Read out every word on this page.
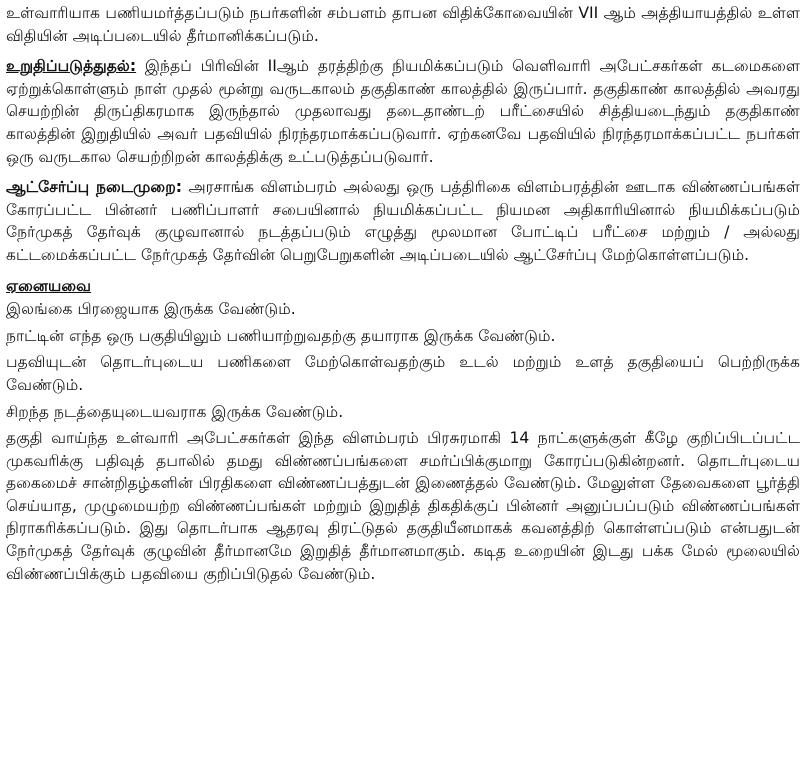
உள்வாரியாக பணியமர்த்தப்படும் நபர்களின் சம்பளம் தாபன விதிக்கோவையின் VII ஆம் அத்தியாயத்தில் உள்ள விதியின் அடிப்படையில் தீர்மானிக்கப்படும்.

உறுதிப்படுத்துதல்: இந்தப் பிரிவின் IIஆம் தரத்திற்கு நியமிக்கப்படும் வெளிவாரி அபேட்சகர்கள் கடமைகளை ஏற்றுக்கொள்ளும் நாள் முதல் மூன்று வருடகாலம் தகுதிகாண் காலத்தில் இருப்பார். தகுதிகாண் காலத்தில் அவரது செயற்றின் திருப்திகரமாக இருந்தால் முதலாவது தடைதாண்டற் பரீட்சையில் சித்தியடைந்தும் தகுதிகாண் காலத்தின் இறுதியில் அவர் பதவியில் நிரந்தரமாக்கப்படுவார். ஏற்கனவே பதவியில் நிரந்தரமாக்கப்பட்ட நபர்கள் ஒரு வருடகால செயற்றிறன் காலத்திக்கு உட்படுத்தப்படுவார்.

ஆட்சேர்ப்பு நடைமுறை: அரசாங்க விளம்பரம் அல்லது ஒரு பத்திரிகை விளம்பரத்தின் ஊடாக விண்ணப்பங்கள் கோரப்பட்ட பின்னர் பணிப்பாளர் சபையினால் நியமிக்கப்பட்ட நியமன அதிகாரியினால் நியமிக்கப்படும் நேர்முகத் தேர்வுக் குழுவானால் நடத்தப்படும் எழுத்து மூலமான போட்டிப் பரீட்சை மற்றும் / அல்லது கட்டமைக்கப்பட்ட நேர்முகத் தேர்வின் பெறுபேறுகளின் அடிப்படையில் ஆட்சேர்ப்பு மேற்கொள்ளப்படும்.

ஏனையவை

இலங்கை பிரஜையாக இருக்க வேண்டும்.

நாட்டின் எந்த ஒரு பகுதியிலும் பணியாற்றுவதற்கு தயாராக இருக்க வேண்டும்.

பதவியுடன் தொடர்புடைய பணிகளை மேற்கொள்வதற்கும் உடல் மற்றும் உளத் தகுதியைப் பெற்றிருக்க வேண்டும்.

சிறந்த நடத்தையுடையவராக இருக்க வேண்டும்.

தகுதி வாய்ந்த உள்வாரி அபேட்சகர்கள் இந்த விளம்பரம் பிரசுரமாகி 14 நாட்களுக்குள் கீழே குறிப்பிடப்பட்ட முகவரிக்கு பதிவுத் தபாலில் தமது விண்ணப்பங்களை சமர்ப்பிக்குமாறு கோரப்படுகின்றனர். தொடர்புடைய தகைமைச் சான்றிதழ்களின் பிரதிகளை விண்ணப்பத்துடன் இணைத்தல் வேண்டும். மேலுள்ள தேவைகளை பூர்த்தி செய்யாத, முழுமையற்ற விண்ணப்பங்கள் மற்றும் இறுதித் திகதிக்குப் பின்னர் அனுப்பப்படும் விண்ணப்பங்கள் நிராகரிக்கப்படும். இது தொடர்பாக ஆதரவு திரட்டுதல் தகுதியீனமாகக் கவனத்திற் கொள்ளப்படும் என்பதுடன் நேர்முகத் தேர்வுக் குழுவின் தீர்மானமே இறுதித் தீர்மானமாகும். கடித உறையின் இடது பக்க மேல் மூலையில் விண்ணப்பிக்கும் பதவியை குறிப்பிடுதல் வேண்டும்.
